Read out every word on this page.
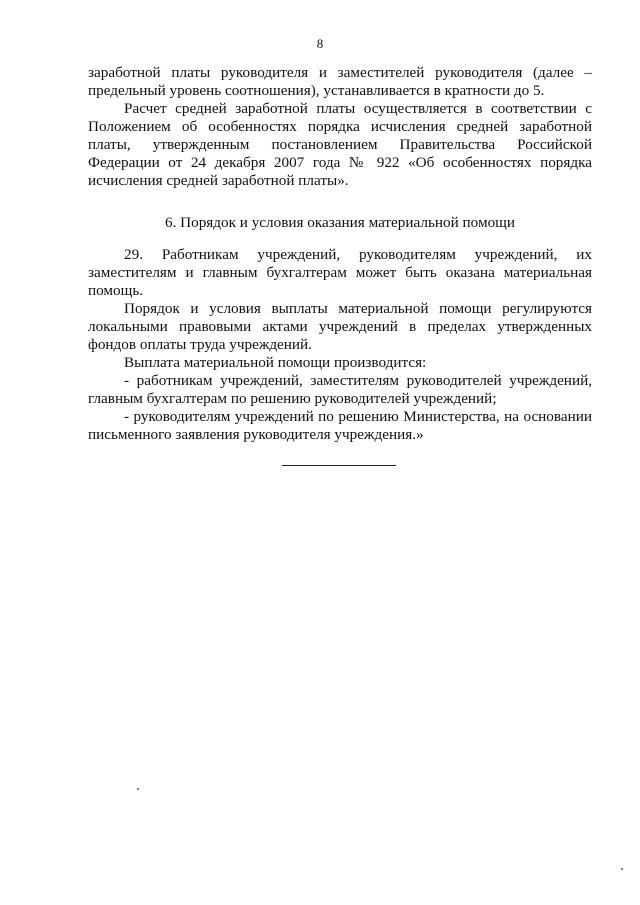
8

заработной платы руководителя и заместителей руководителя (далее – предельный уровень соотношения), устанавливается в кратности до 5.

Расчет средней заработной платы осуществляется в соответствии с Положением об особенностях порядка исчисления средней заработной платы, утвержденным постановлением Правительства Российской Федерации от 24 декабря 2007 года № 922 «Об особенностях порядка исчисления средней заработной платы».

6. Порядок и условия оказания материальной помощи

29. Работникам учреждений, руководителям учреждений, их заместителям и главным бухгалтерам может быть оказана материальная помощь.

Порядок и условия выплаты материальной помощи регулируются локальными правовыми актами учреждений в пределах утвержденных фондов оплаты труда учреждений.

Выплата материальной помощи производится:

- работникам учреждений, заместителям руководителей учреждений, главным бухгалтерам по решению руководителей учреждений;

- руководителям учреждений по решению Министерства, на основании письменного заявления руководителя учреждения.»
